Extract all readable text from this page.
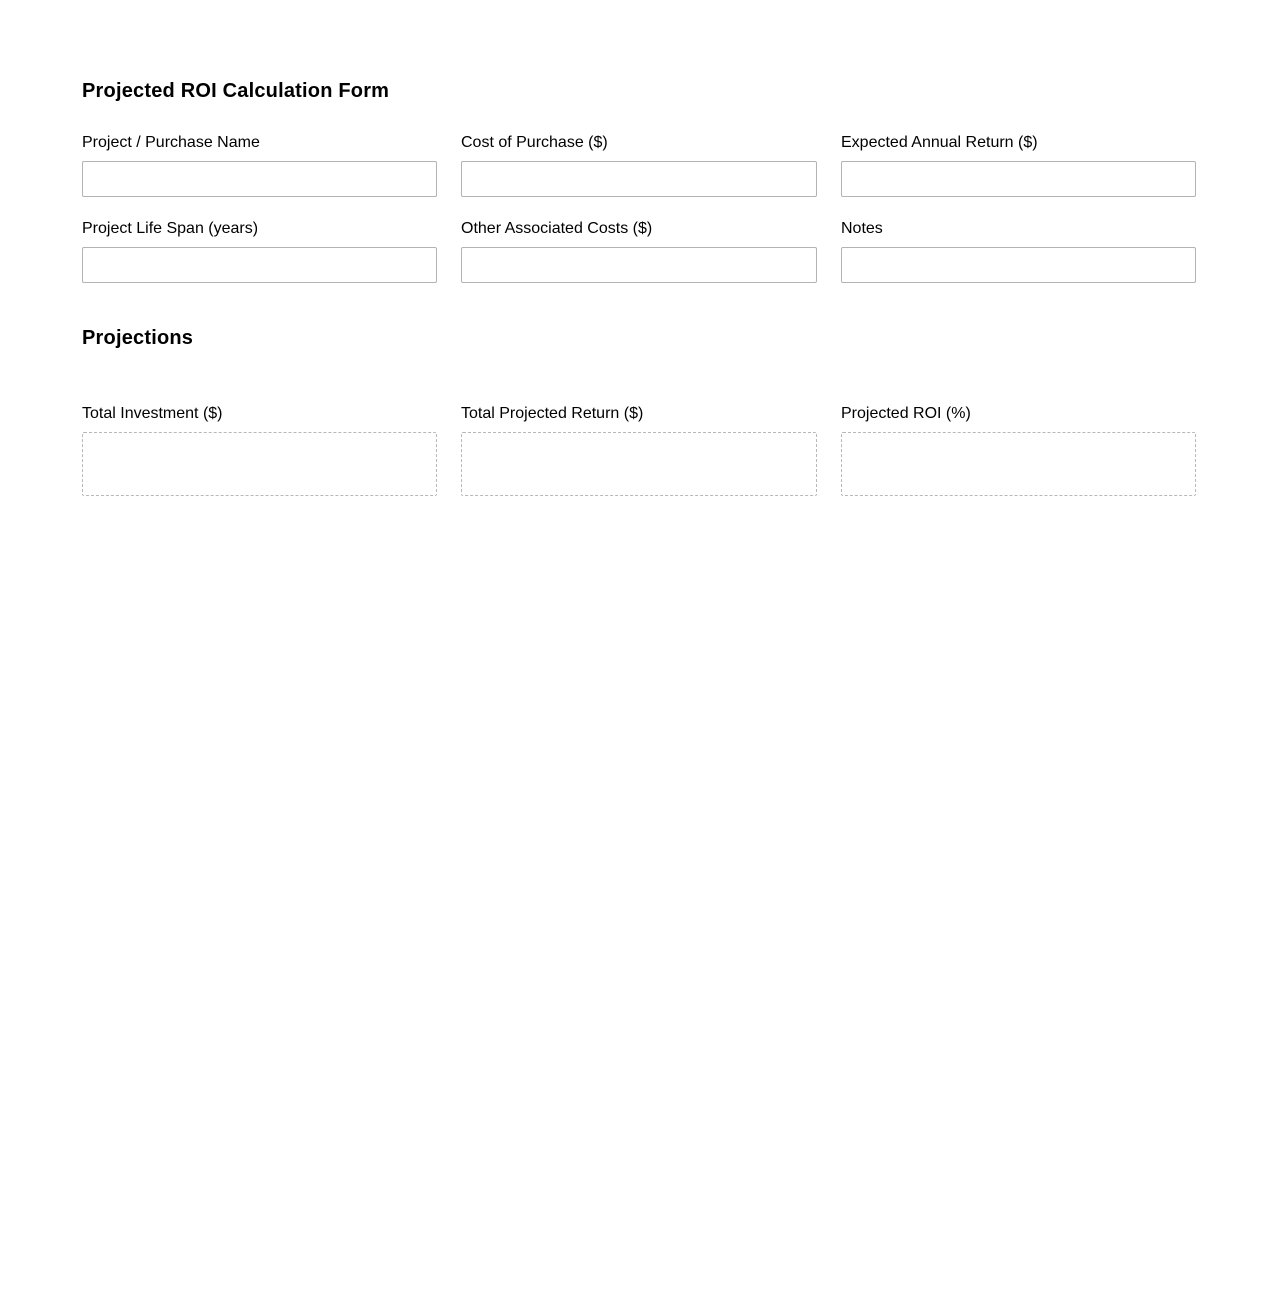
Projected ROI Calculation Form
Project / Purchase Name	Cost of Purchase ($)	Expected Annual Return ($)
Project Life Span (years)	Other Associated Costs ($)	Notes
Projections
Total Investment ($)	Total Projected Return ($)	Projected ROI (%)
